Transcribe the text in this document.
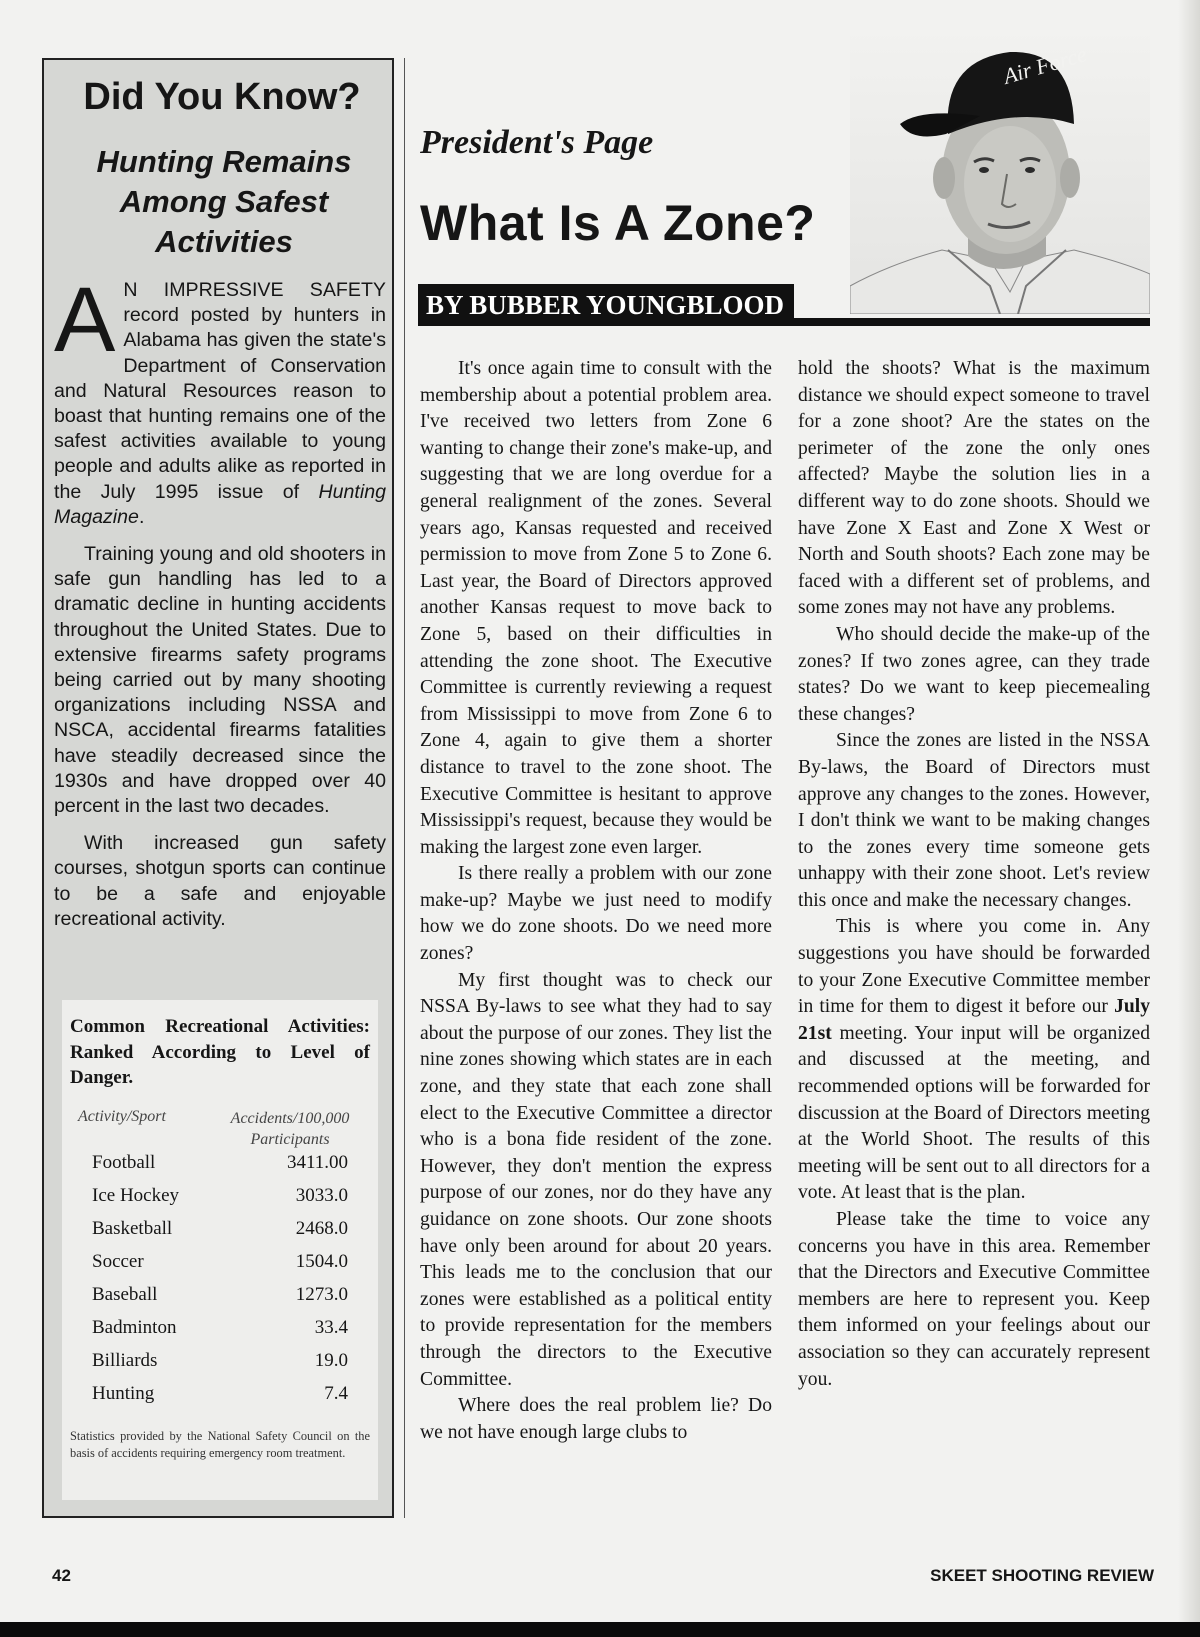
Did You Know?
Hunting Remains Among Safest Activities

A N IMPRESSIVE SAFETY record posted by hunters in Alabama has given the state's Department of Conservation and Natural Resources reason to boast that hunting remains one of the safest activities available to young people and adults alike as reported in the July 1995 issue of Hunting Magazine.

Training young and old shooters in safe gun handling has led to a dramatic decline in hunting accidents throughout the United States. Due to extensive firearms safety programs being carried out by many shooting organizations including NSSA and NSCA, accidental firearms fatalities have steadily decreased since the 1930s and have dropped over 40 percent in the last two decades.

With increased gun safety courses, shotgun sports can continue to be a safe and enjoyable recreational activity.

Common Recreational Activities: Ranked According to Level of Danger.

Activity/Sport	Accidents/100,000 Participants
Football	3411.00
Ice Hockey	3033.0
Basketball	2468.0
Soccer	1504.0
Baseball	1273.0
Badminton	33.4
Billiards	19.0
Hunting	7.4
Statistics provided by the National Safety Council on the basis of accidents requiring emergency room treatment.
President's Page
What Is A Zone?
Air Force
BY BUBBER YOUNGBLOOD

It's once again time to consult with the membership about a potential problem area. I've received two letters from Zone 6 wanting to change their zone's make-up, and suggesting that we are long overdue for a general realignment of the zones. Several years ago, Kansas requested and received permission to move from Zone 5 to Zone 6. Last year, the Board of Directors approved another Kansas request to move back to Zone 5, based on their difficulties in attending the zone shoot. The Executive Committee is currently reviewing a request from Mississippi to move from Zone 6 to Zone 4, again to give them a shorter distance to travel to the zone shoot. The Executive Committee is hesitant to approve Mississippi's request, because they would be making the largest zone even larger.

Is there really a problem with our zone make-up? Maybe we just need to modify how we do zone shoots. Do we need more zones?

My first thought was to check our NSSA By-laws to see what they had to say about the purpose of our zones. They list the nine zones showing which states are in each zone, and they state that each zone shall elect to the Executive Committee a director who is a bona fide resident of the zone. However, they don't mention the express purpose of our zones, nor do they have any guidance on zone shoots. Our zone shoots have only been around for about 20 years. This leads me to the conclusion that our zones were established as a political entity to provide representation for the members through the directors to the Executive Committee.

Where does the real problem lie? Do we not have enough large clubs to

hold the shoots? What is the maximum distance we should expect someone to travel for a zone shoot? Are the states on the perimeter of the zone the only ones affected? Maybe the solution lies in a different way to do zone shoots. Should we have Zone X East and Zone X West or North and South shoots? Each zone may be faced with a different set of problems, and some zones may not have any problems.

Who should decide the make-up of the zones? If two zones agree, can they trade states? Do we want to keep piecemealing these changes?

Since the zones are listed in the NSSA By-laws, the Board of Directors must approve any changes to the zones. However, I don't think we want to be making changes to the zones every time someone gets unhappy with their zone shoot. Let's review this once and make the necessary changes.

This is where you come in. Any suggestions you have should be forwarded to your Zone Executive Committee member in time for them to digest it before our July 21st meeting. Your input will be organized and discussed at the meeting, and recommended options will be forwarded for discussion at the Board of Directors meeting at the World Shoot. The results of this meeting will be sent out to all directors for a vote. At least that is the plan.

Please take the time to voice any concerns you have in this area. Remember that the Directors and Executive Committee members are here to represent you. Keep them informed on your feelings about our association so they can accurately represent you.

42	SKEET SHOOTING REVIEW
